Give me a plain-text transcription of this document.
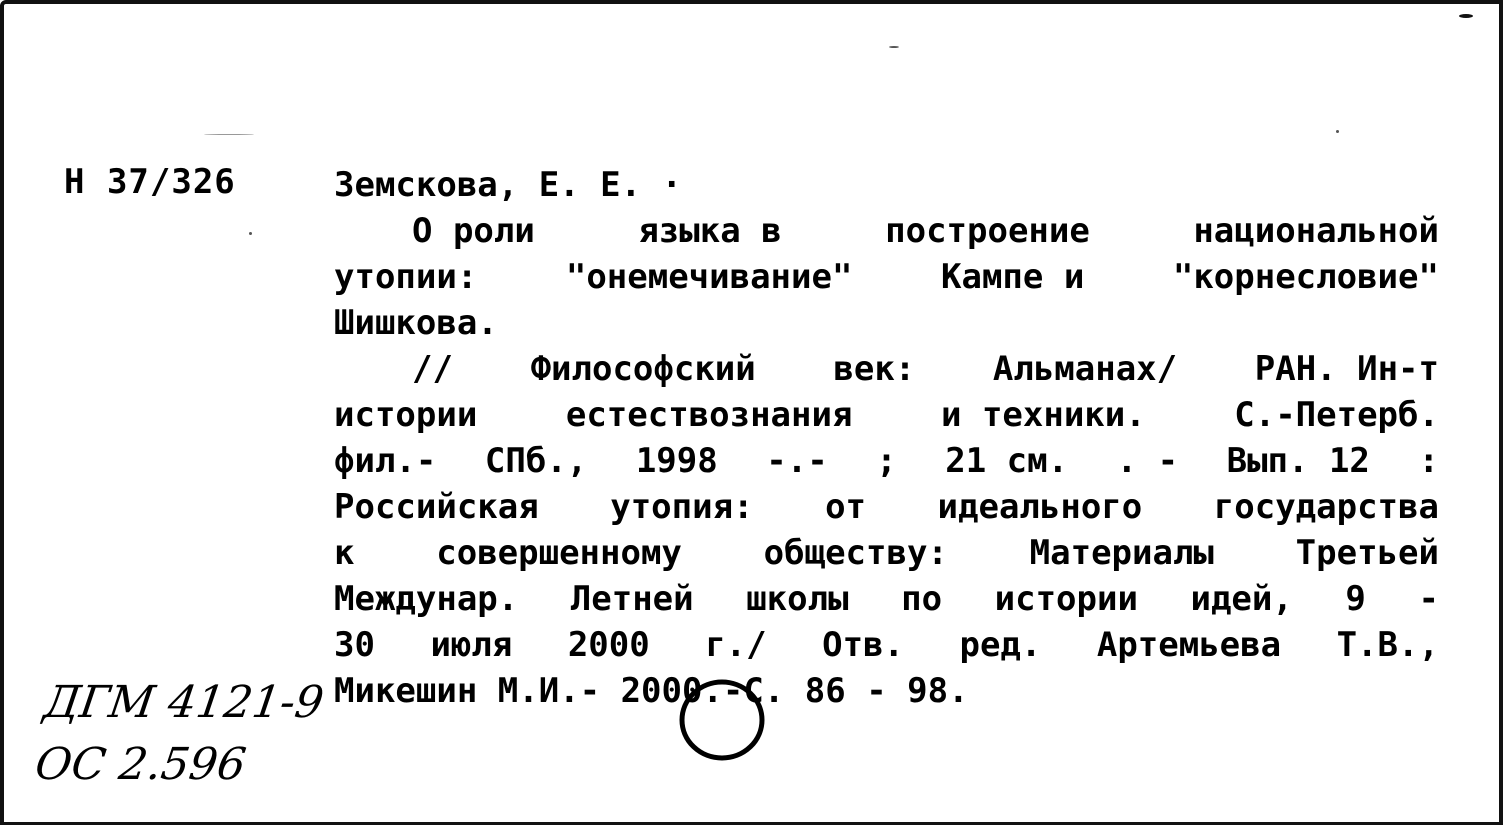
Н 37/326	Земскова, Е. Е. ·
О роли	языка в	построение	национальной
утопии:	"онемечивание"	Кампе и	"корнесловие"
Шишкова.
// Философский век: Альманах/ РАН. Ин-т
истории	естествознания	и техники.	С.-Петерб.
фил.- СПб., 1998 -.- ; 21 см. . - Вып. 12 :
Российская утопия: от идеального государства
к совершенному обществу: Материалы Третьей
Междунар. Летней школы по истории идей, 9 -
30 июля 2000 г./ Отв. ред. Артемьева Т.В.,
Микешин М.И.- 2000.-С. 86 - 98.
ДГМ 4121-9
ОС 2.596
